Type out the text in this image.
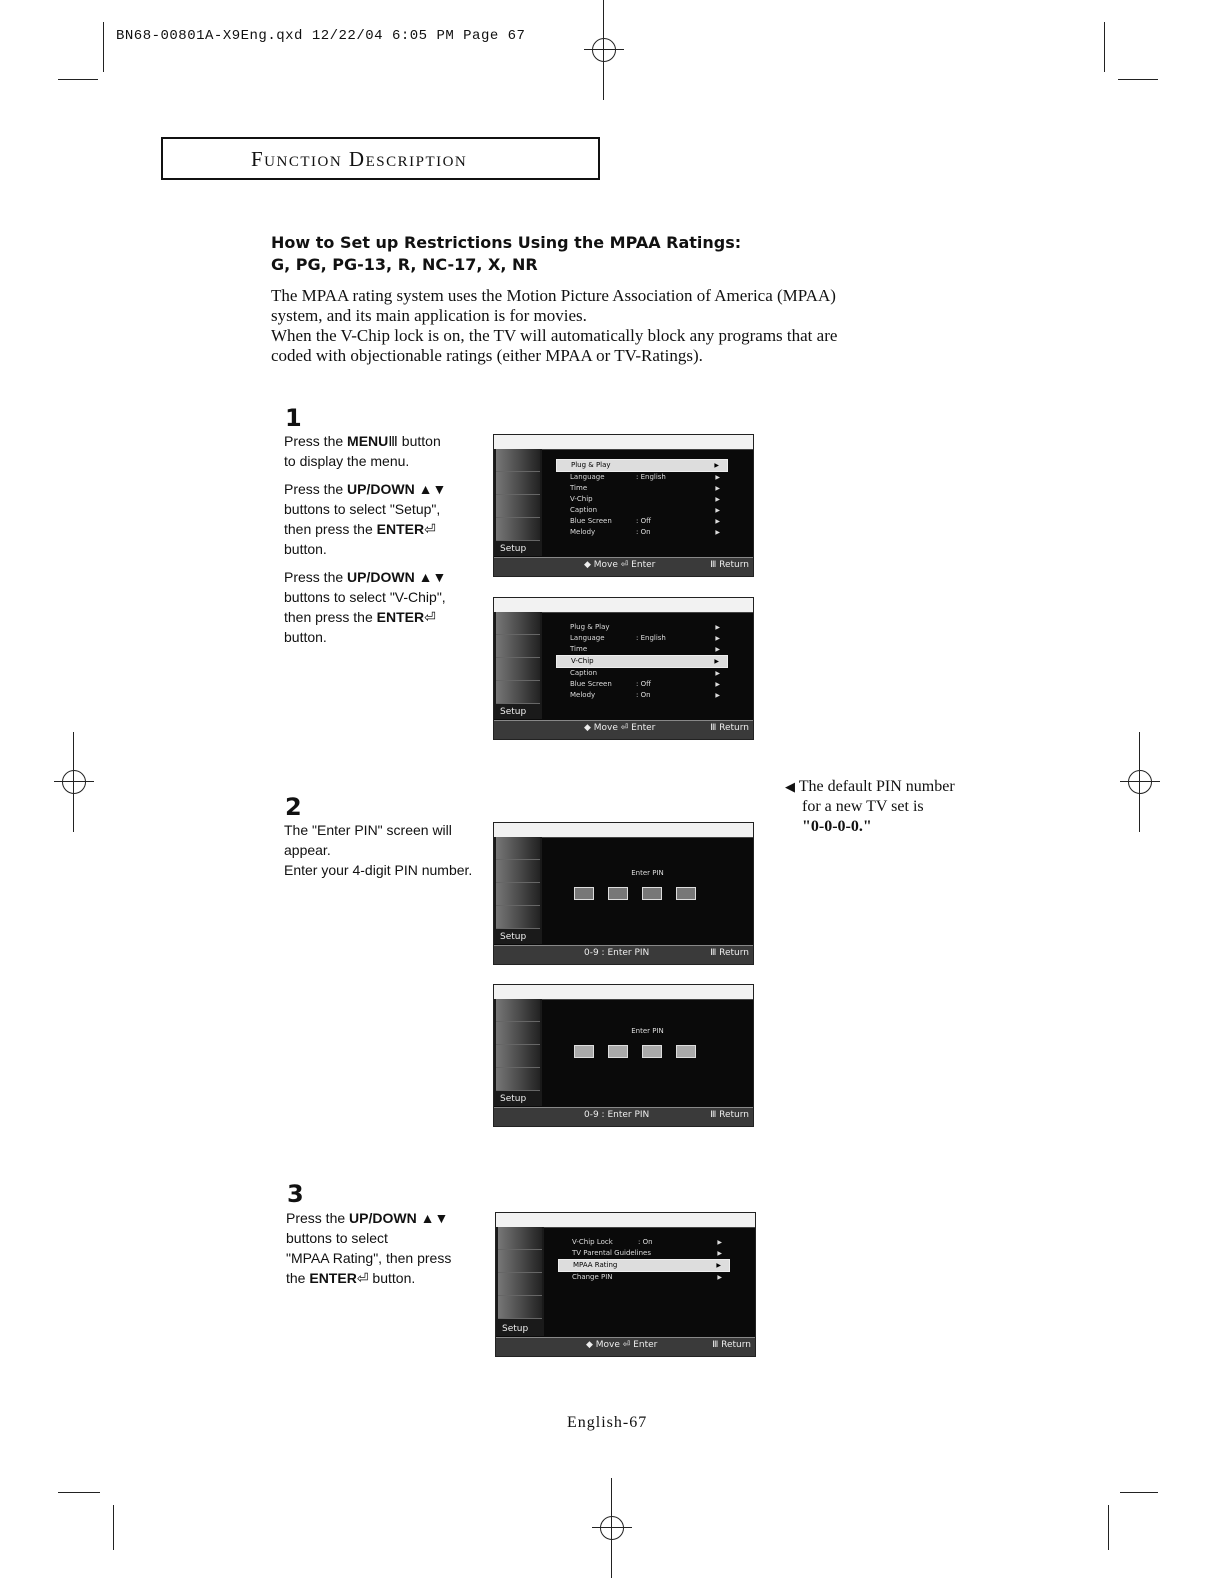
BN68-00801A-X9Eng.qxd 12/22/04 6:05 PM Page 67
Function Description
How to Set up Restrictions Using the MPAA Ratings:
G, PG, PG-13, R, NC-17, X, NR
The MPAA rating system uses the Motion Picture Association of America (MPAA)
system, and its main application is for movies.
When the V-Chip lock is on, the TV will automatically block any programs that are
coded with objectionable ratings (either MPAA or TV-Ratings).
1

Press the MENUⅢ button
to display the menu.

Press the UP/DOWN ▲▼ buttons to select "Setup",
then press the ENTER⏎
button.

Press the UP/DOWN ▲▼ buttons to select "V-Chip",
then press the ENTER⏎
button.

Setup
Plug & Play	▶
Language	: English	▶
Time	▶
V-Chip	▶
Caption	▶
Blue Screen	: Off	▶
Melody	: On	▶
◆ Move ⏎ Enter	Ⅲ Return
Setup
Plug & Play	▶
Language	: English	▶
Time	▶
V-Chip	▶
Caption	▶
Blue Screen	: Off	▶
Melody	: On	▶
◆ Move ⏎ Enter	Ⅲ Return
2
The "Enter PIN" screen will
appear.
Enter your 4-digit PIN number.
Setup
Enter PIN
0-9 : Enter PIN	Ⅲ Return
Setup
Enter PIN
0-9 : Enter PIN	Ⅲ Return
◀ The default PIN number
for a new TV set is
"0-0-0-0."
3
Press the UP/DOWN ▲▼
buttons to select
"MPAA Rating", then press
the ENTER⏎ button.
Setup
V-Chip Lock	: On	▶
TV Parental Guidelines	▶
MPAA Rating	▶
Change PIN	▶
◆ Move ⏎ Enter	Ⅲ Return
English-67
